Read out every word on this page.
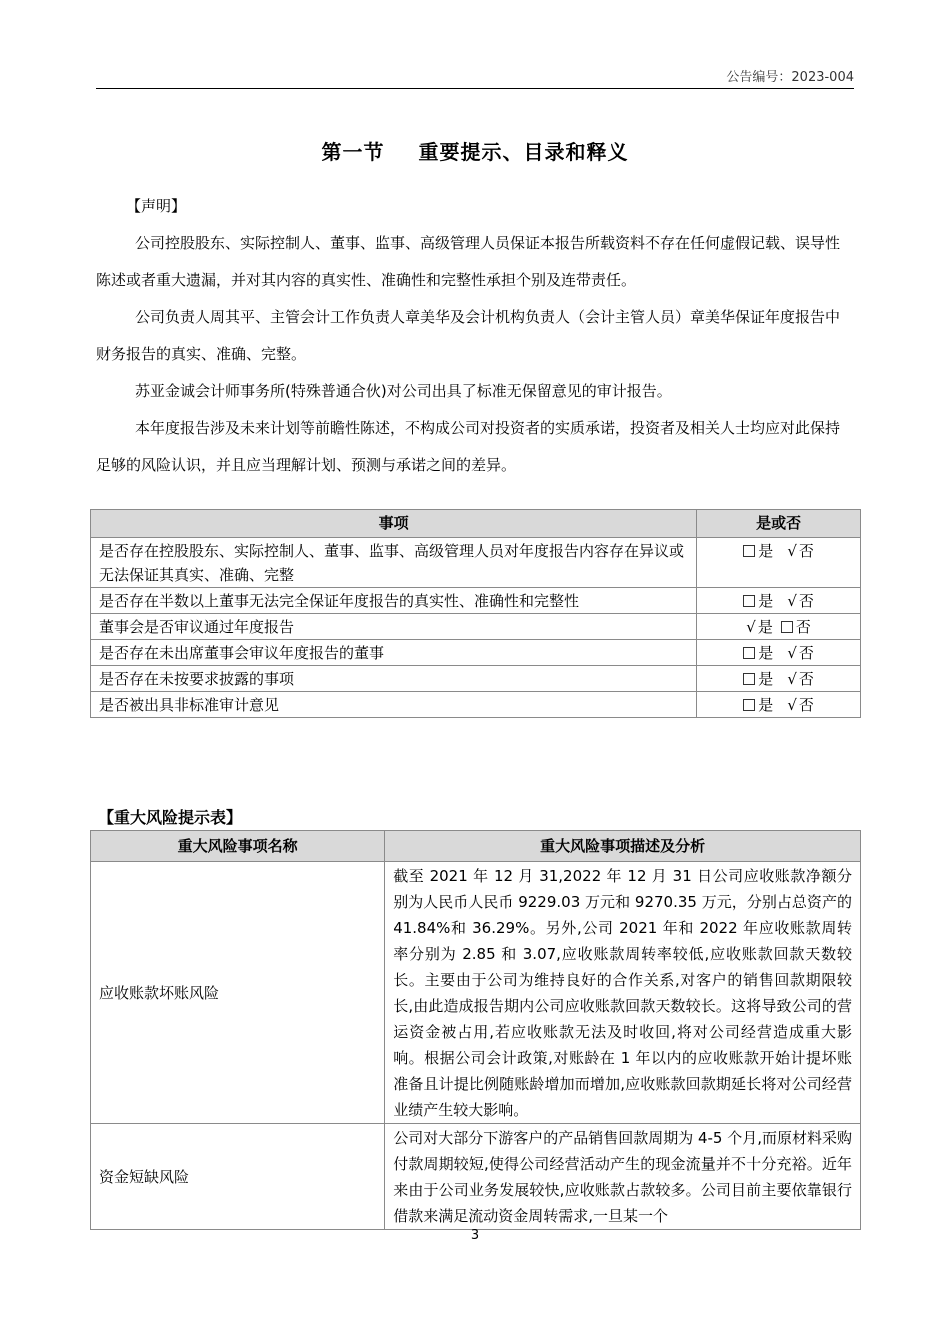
公告编号：2023-004
第一节 重要提示、目录和释义

【声明】

公司控股股东、实际控制人、董事、监事、高级管理人员保证本报告所载资料不存在任何虚假记载、误导性陈述或者重大遗漏，并对其内容的真实性、准确性和完整性承担个别及连带责任。

公司负责人周其平、主管会计工作负责人章美华及会计机构负责人（会计主管人员）章美华保证年度报告中财务报告的真实、准确、完整。

苏亚金诚会计师事务所(特殊普通合伙)对公司出具了标准无保留意见的审计报告。

本年度报告涉及未来计划等前瞻性陈述，不构成公司对投资者的实质承诺，投资者及相关人士均应对此保持足够的风险认识，并且应当理解计划、预测与承诺之间的差异。

事项	是或否
是否存在控股股东、实际控制人、董事、监事、高级管理人员对年度报告内容存在异议或无法保证其真实、准确、完整	是 √ 否
是否存在半数以上董事无法完全保证年度报告的真实性、准确性和完整性	是 √ 否
董事会是否审议通过年度报告	√ 是 否
是否存在未出席董事会审议年度报告的董事	是 √ 否
是否存在未按要求披露的事项	是 √ 否
是否被出具非标准审计意见	是 √ 否
【重大风险提示表】
重大风险事项名称	重大风险事项描述及分析
应收账款坏账风险	截至 2021 年 12 月 31,2022 年 12 月 31 日公司应收账款净额分别为人民币人民币 9229.03 万元和 9270.35 万元，分别占总资产的 41.84%和 36.29%。另外,公司 2021 年和 2022 年应收账款周转率分别为 2.85 和 3.07,应收账款周转率较低,应收账款回款天数较长。主要由于公司为维持良好的合作关系,对客户的销售回款期限较长,由此造成报告期内公司应收账款回款天数较长。这将导致公司的营运资金被占用,若应收账款无法及时收回,将对公司经营造成重大影响。根据公司会计政策,对账龄在 1 年以内的应收账款开始计提坏账准备且计提比例随账龄增加而增加,应收账款回款期延长将对公司经营业绩产生较大影响。
资金短缺风险	公司对大部分下游客户的产品销售回款周期为 4-5 个月,而原材料采购付款周期较短,使得公司经营活动产生的现金流量并不十分充裕。近年来由于公司业务发展较快,应收账款占款较多。公司目前主要依靠银行借款来满足流动资金周转需求,一旦某一个
3
